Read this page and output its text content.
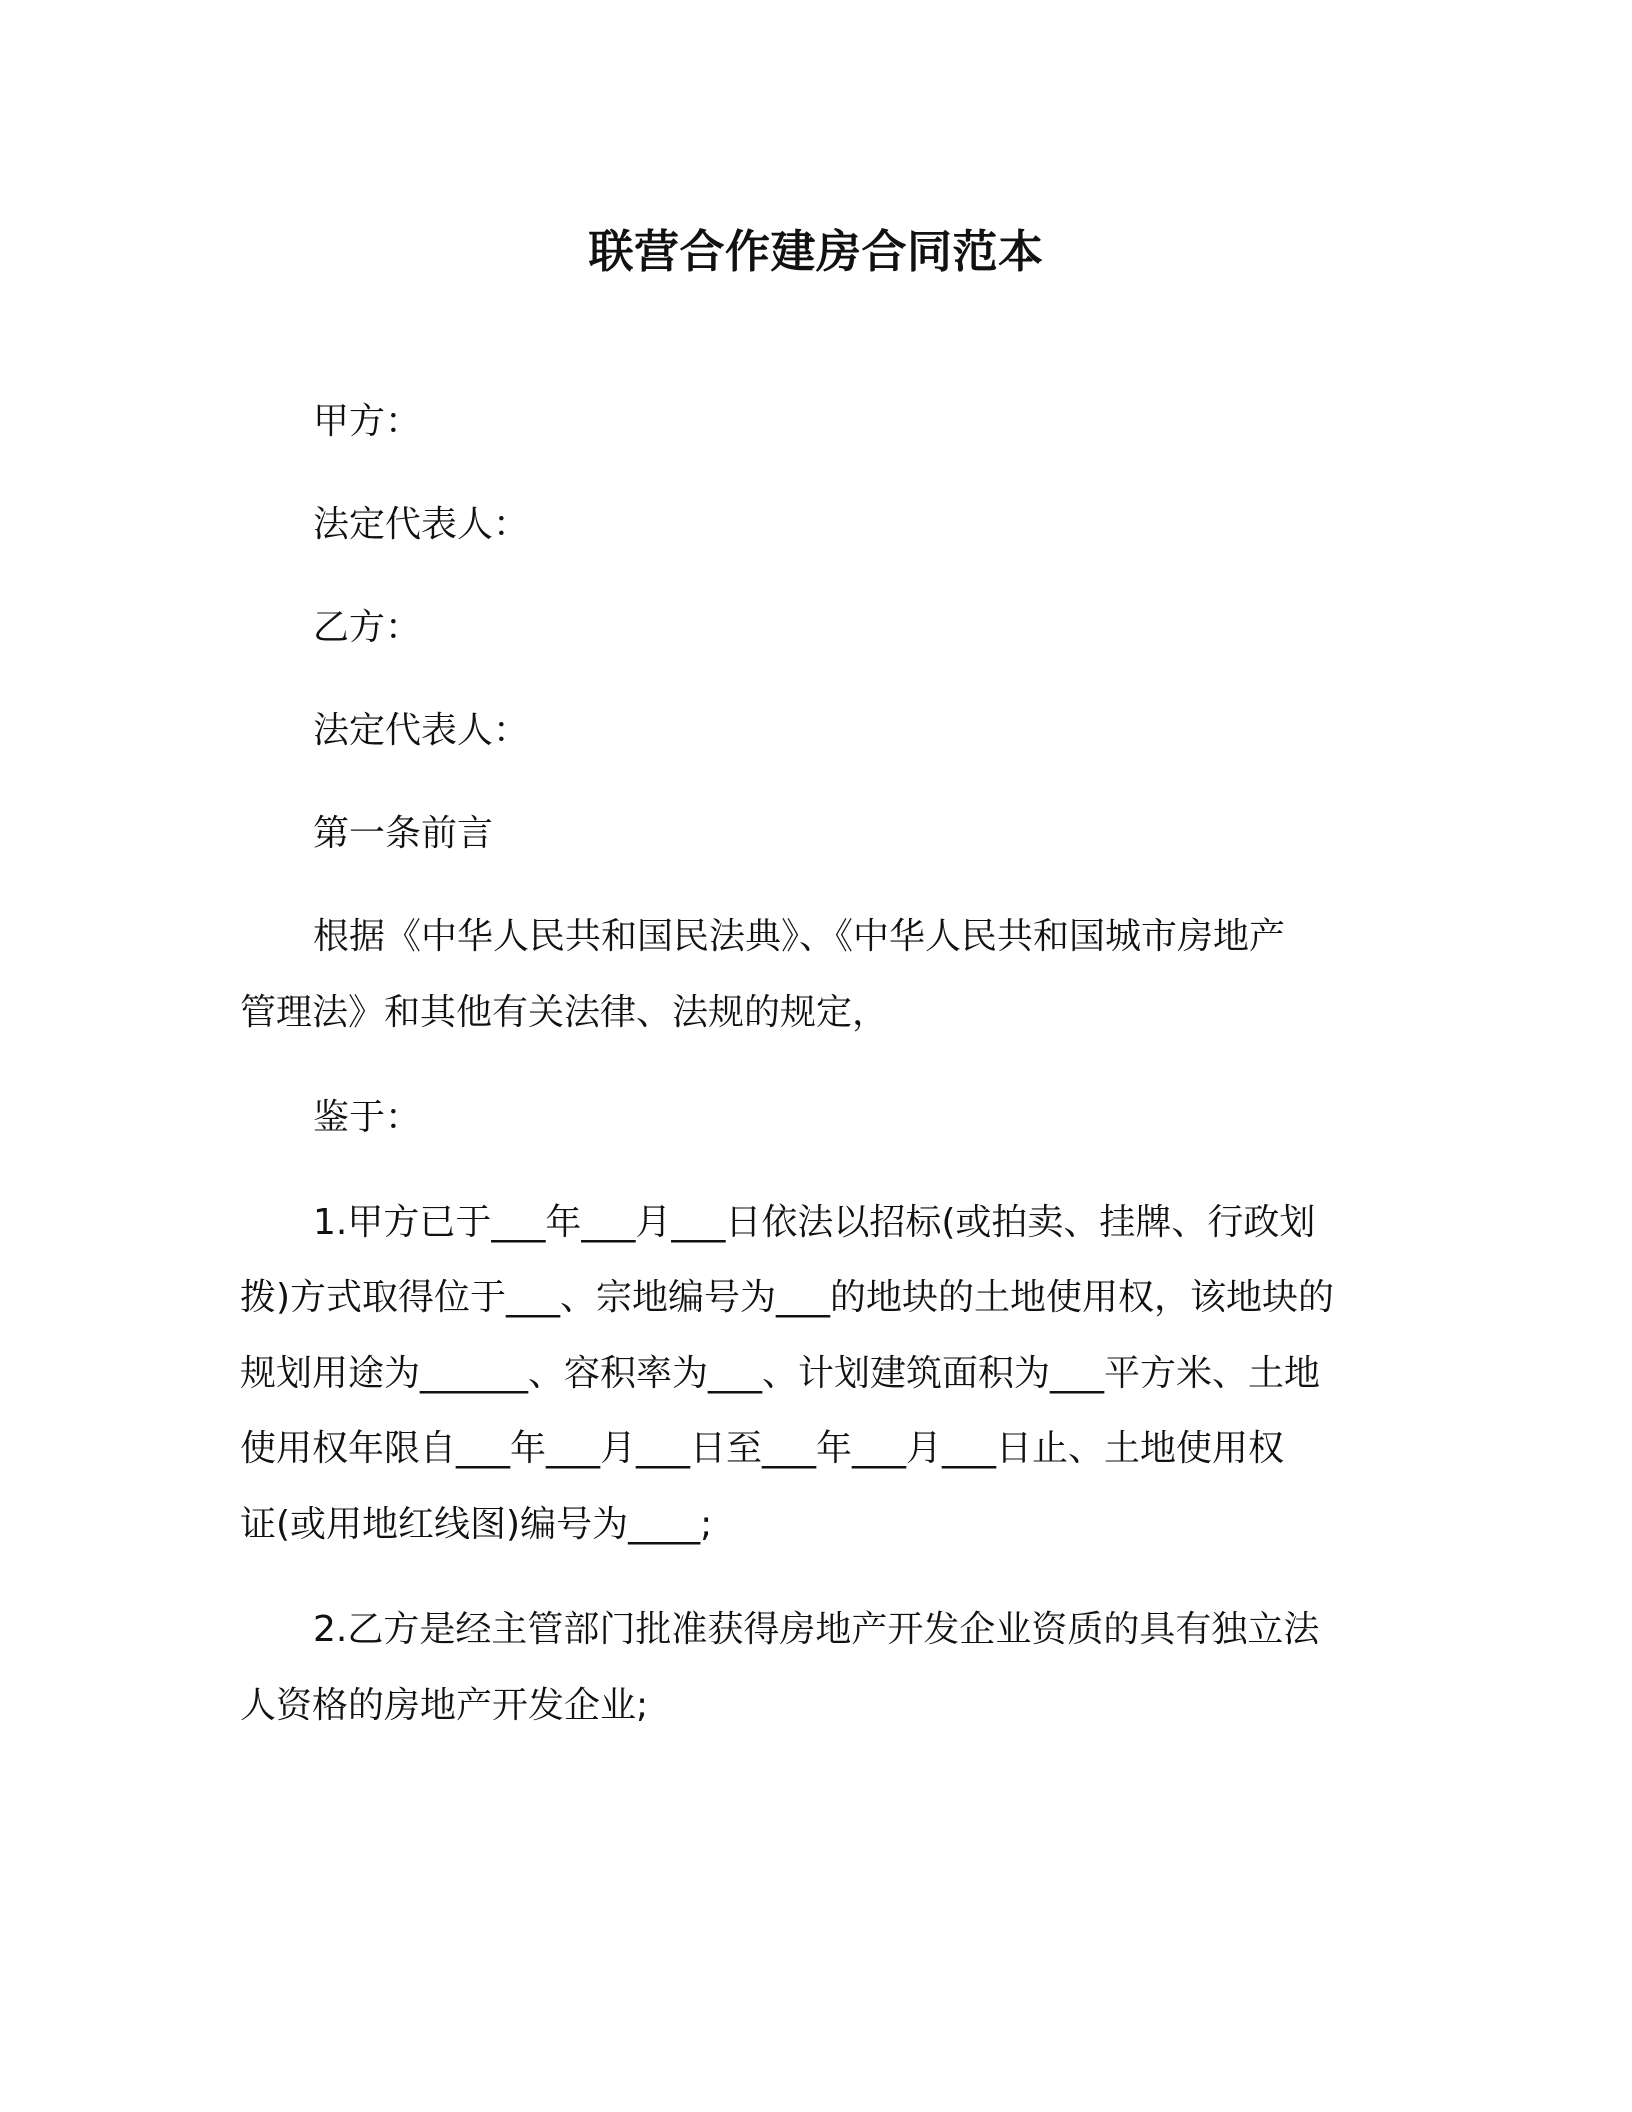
联营合作建房合同范本
甲方：
法定代表人：
乙方：
法定代表人：
第一条前言
根据《中华人民共和国民法典》、《中华人民共和国城市房地产
管理法》和其他有关法律、法规的规定，
鉴于：
1.甲方已于___年___月___日依法以招标(或拍卖、挂牌、行政划
拨)方式取得位于___、宗地编号为___的地块的土地使用权，该地块的
规划用途为______、容积率为___、计划建筑面积为___平方米、土地
使用权年限自___年___月___日至___年___月___日止、土地使用权
证(或用地红线图)编号为____;
2.乙方是经主管部门批准获得房地产开发企业资质的具有独立法
人资格的房地产开发企业;
